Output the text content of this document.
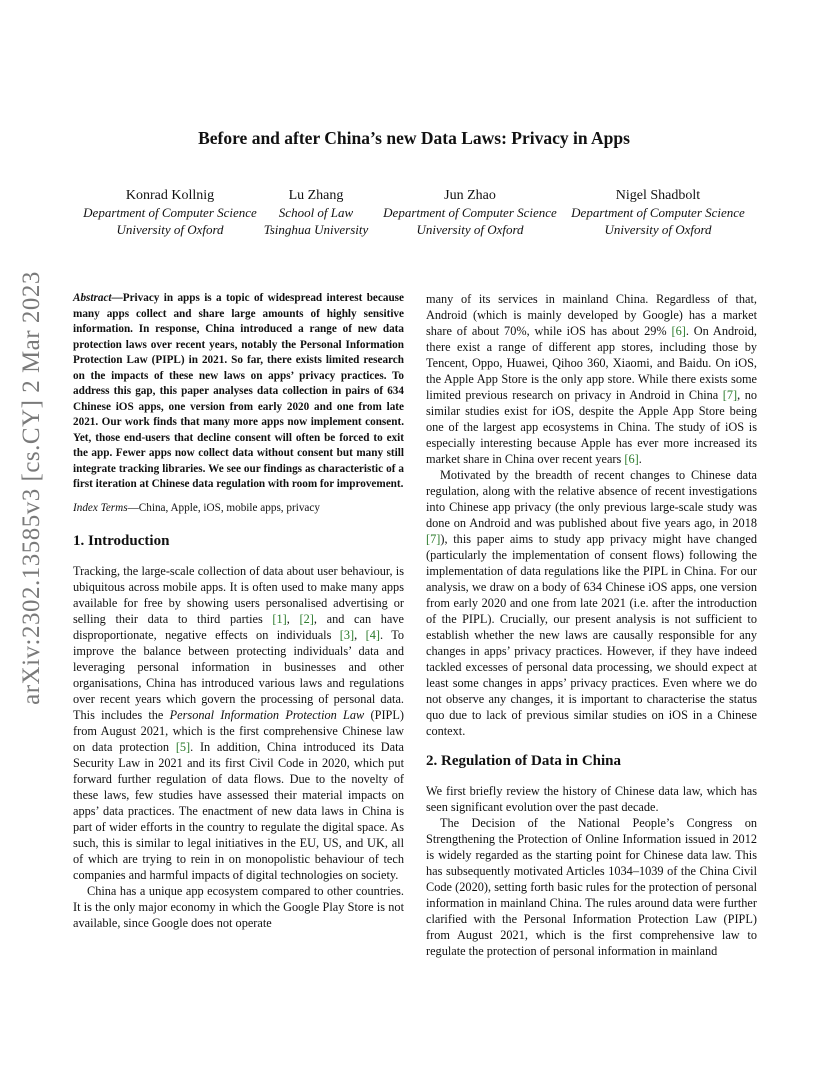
arXiv:2302.13585v3 [cs.CY] 2 Mar 2023
Before and after China’s new Data Laws: Privacy in Apps
Konrad Kollnig
Department of Computer Science
University of Oxford
Lu Zhang
School of Law
Tsinghua University
Jun Zhao
Department of Computer Science
University of Oxford
Nigel Shadbolt
Department of Computer Science
University of Oxford

Abstract—Privacy in apps is a topic of widespread interest because many apps collect and share large amounts of highly sensitive information. In response, China introduced a range of new data protection laws over recent years, notably the Personal Information Protection Law (PIPL) in 2021. So far, there exists limited research on the impacts of these new laws on apps’ privacy practices. To address this gap, this paper analyses data collection in pairs of 634 Chinese iOS apps, one version from early 2020 and one from late 2021. Our work finds that many more apps now implement consent. Yet, those end-users that decline consent will often be forced to exit the app. Fewer apps now collect data without consent but many still integrate tracking libraries. We see our findings as characteristic of a first iteration at Chinese data regulation with room for improvement.

Index Terms—China, Apple, iOS, mobile apps, privacy

1. Introduction

Tracking, the large-scale collection of data about user behaviour, is ubiquitous across mobile apps. It is often used to make many apps available for free by showing users personalised advertising or selling their data to third parties [1], [2], and can have disproportionate, negative effects on individuals [3], [4]. To improve the balance between protecting individuals’ data and leveraging personal information in businesses and other organisations, China has introduced various laws and regulations over recent years which govern the processing of personal data. This includes the Personal Information Protection Law (PIPL) from August 2021, which is the first comprehensive Chinese law on data protection [5]. In addition, China introduced its Data Security Law in 2021 and its first Civil Code in 2020, which put forward further regulation of data flows. Due to the novelty of these laws, few studies have assessed their material impacts on apps’ data practices. The enactment of new data laws in China is part of wider efforts in the country to regulate the digital space. As such, this is similar to legal initiatives in the EU, US, and UK, all of which are trying to rein in on monopolistic behaviour of tech companies and harmful impacts of digital technologies on society.

China has a unique app ecosystem compared to other countries. It is the only major economy in which the Google Play Store is not available, since Google does not operate

many of its services in mainland China. Regardless of that, Android (which is mainly developed by Google) has a market share of about 70%, while iOS has about 29% [6]. On Android, there exist a range of different app stores, including those by Tencent, Oppo, Huawei, Qihoo 360, Xiaomi, and Baidu. On iOS, the Apple App Store is the only app store. While there exists some limited previous research on privacy in Android in China [7], no similar studies exist for iOS, despite the Apple App Store being one of the largest app ecosystems in China. The study of iOS is especially interesting because Apple has ever more increased its market share in China over recent years [6].

Motivated by the breadth of recent changes to Chinese data regulation, along with the relative absence of recent investigations into Chinese app privacy (the only previous large-scale study was done on Android and was published about five years ago, in 2018 [7]), this paper aims to study app privacy might have changed (particularly the implementation of consent flows) following the implementation of data regulations like the PIPL in China. For our analysis, we draw on a body of 634 Chinese iOS apps, one version from early 2020 and one from late 2021 (i.e. after the introduction of the PIPL). Crucially, our present analysis is not sufficient to establish whether the new laws are causally responsible for any changes in apps’ privacy practices. However, if they have indeed tackled excesses of personal data processing, we should expect at least some changes in apps’ privacy practices. Even where we do not observe any changes, it is important to characterise the status quo due to lack of previous similar studies on iOS in a Chinese context.

2. Regulation of Data in China

We first briefly review the history of Chinese data law, which has seen significant evolution over the past decade.

The Decision of the National People’s Congress on Strengthening the Protection of Online Information issued in 2012 is widely regarded as the starting point for Chinese data law. This has subsequently motivated Articles 1034–1039 of the China Civil Code (2020), setting forth basic rules for the protection of personal information in mainland China. The rules around data were further clarified with the Personal Information Protection Law (PIPL) from August 2021, which is the first comprehensive law to regulate the protection of personal information in mainland
